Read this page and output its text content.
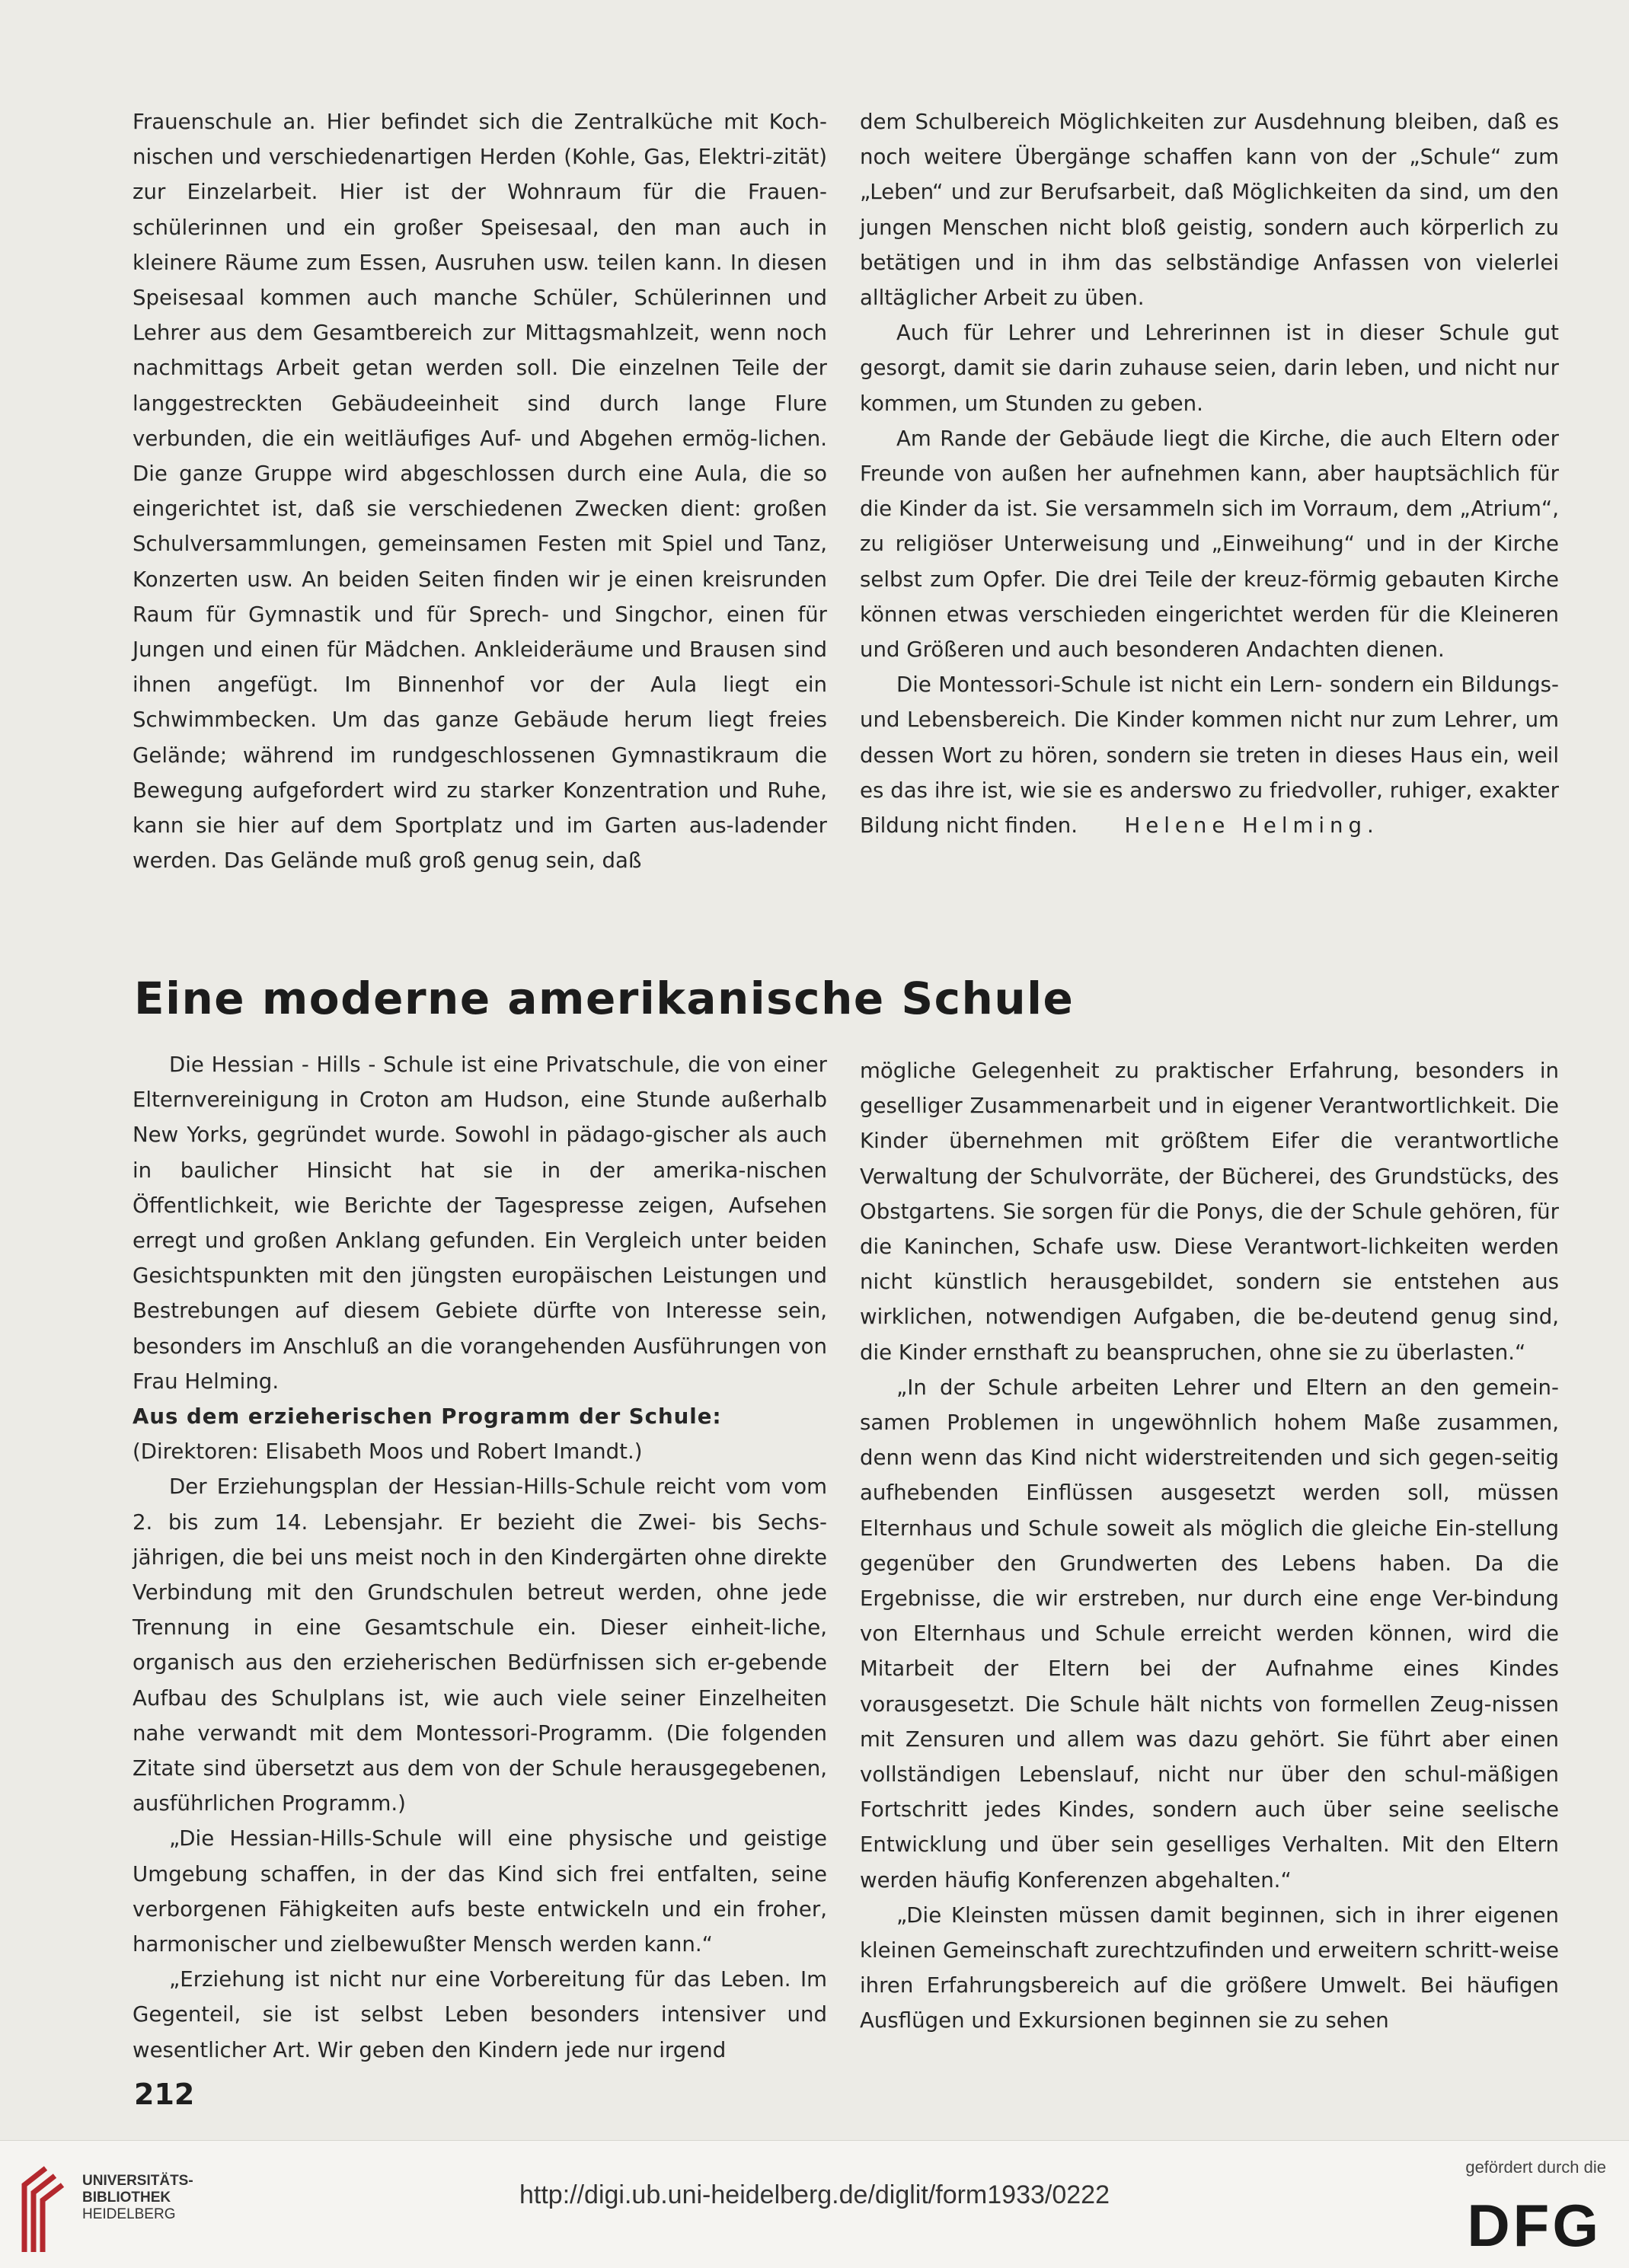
Frauenschule an. Hier befindet sich die Zentralküche mit Koch-nischen und verschiedenartigen Herden (Kohle, Gas, Elektri-zität) zur Einzelarbeit. Hier ist der Wohnraum für die Frauen-schülerinnen und ein großer Speisesaal, den man auch in kleinere Räume zum Essen, Ausruhen usw. teilen kann. In diesen Speisesaal kommen auch manche Schüler, Schülerinnen und Lehrer aus dem Gesamtbereich zur Mittagsmahlzeit, wenn noch nachmittags Arbeit getan werden soll. Die einzelnen Teile der langgestreckten Gebäudeeinheit sind durch lange Flure verbunden, die ein weitläufiges Auf- und Abgehen ermög-lichen. Die ganze Gruppe wird abgeschlossen durch eine Aula, die so eingerichtet ist, daß sie verschiedenen Zwecken dient: großen Schulversammlungen, gemeinsamen Festen mit Spiel und Tanz, Konzerten usw. An beiden Seiten finden wir je einen kreisrunden Raum für Gymnastik und für Sprech- und Singchor, einen für Jungen und einen für Mädchen. Ankleideräume und Brausen sind ihnen angefügt. Im Binnenhof vor der Aula liegt ein Schwimmbecken. Um das ganze Gebäude herum liegt freies Gelände; während im rundgeschlossenen Gymnastikraum die Bewegung aufgefordert wird zu starker Konzentration und Ruhe, kann sie hier auf dem Sportplatz und im Garten aus-ladender werden. Das Gelände muß groß genug sein, daß

dem Schulbereich Möglichkeiten zur Ausdehnung bleiben, daß es noch weitere Übergänge schaffen kann von der „Schule“ zum „Leben“ und zur Berufsarbeit, daß Möglichkeiten da sind, um den jungen Menschen nicht bloß geistig, sondern auch körperlich zu betätigen und in ihm das selbständige Anfassen von vielerlei alltäglicher Arbeit zu üben.

Auch für Lehrer und Lehrerinnen ist in dieser Schule gut gesorgt, damit sie darin zuhause seien, darin leben, und nicht nur kommen, um Stunden zu geben.

Am Rande der Gebäude liegt die Kirche, die auch Eltern oder Freunde von außen her aufnehmen kann, aber hauptsächlich für die Kinder da ist. Sie versammeln sich im Vorraum, dem „Atrium“, zu religiöser Unterweisung und „Einweihung“ und in der Kirche selbst zum Opfer. Die drei Teile der kreuz-förmig gebauten Kirche können etwas verschieden eingerichtet werden für die Kleineren und Größeren und auch besonderen Andachten dienen.

Die Montessori-Schule ist nicht ein Lern- sondern ein Bildungs- und Lebensbereich. Die Kinder kommen nicht nur zum Lehrer, um dessen Wort zu hören, sondern sie treten in dieses Haus ein, weil es das ihre ist, wie sie es anderswo zu friedvoller, ruhiger, exakter Bildung nicht finden. Helene Helming.

Eine moderne amerikanische Schule

Die Hessian - Hills - Schule ist eine Privatschule, die von einer Elternvereinigung in Croton am Hudson, eine Stunde außerhalb New Yorks, gegründet wurde. Sowohl in pädago-gischer als auch in baulicher Hinsicht hat sie in der amerika-nischen Öffentlichkeit, wie Berichte der Tagespresse zeigen, Aufsehen erregt und großen Anklang gefunden. Ein Vergleich unter beiden Gesichtspunkten mit den jüngsten europäischen Leistungen und Bestrebungen auf diesem Gebiete dürfte von Interesse sein, besonders im Anschluß an die vorangehenden Ausführungen von Frau Helming.

Aus dem erzieherischen Programm der Schule:

(Direktoren: Elisabeth Moos und Robert Imandt.)

Der Erziehungsplan der Hessian-Hills-Schule reicht vom vom 2. bis zum 14. Lebensjahr. Er bezieht die Zwei- bis Sechs-jährigen, die bei uns meist noch in den Kindergärten ohne direkte Verbindung mit den Grundschulen betreut werden, ohne jede Trennung in eine Gesamtschule ein. Dieser einheit-liche, organisch aus den erzieherischen Bedürfnissen sich er-gebende Aufbau des Schulplans ist, wie auch viele seiner Einzelheiten nahe verwandt mit dem Montessori-Programm. (Die folgenden Zitate sind übersetzt aus dem von der Schule herausgegebenen, ausführlichen Programm.)

„Die Hessian-Hills-Schule will eine physische und geistige Umgebung schaffen, in der das Kind sich frei entfalten, seine verborgenen Fähigkeiten aufs beste entwickeln und ein froher, harmonischer und zielbewußter Mensch werden kann.“

„Erziehung ist nicht nur eine Vorbereitung für das Leben. Im Gegenteil, sie ist selbst Leben besonders intensiver und wesentlicher Art. Wir geben den Kindern jede nur irgend

mögliche Gelegenheit zu praktischer Erfahrung, besonders in geselliger Zusammenarbeit und in eigener Verantwortlichkeit. Die Kinder übernehmen mit größtem Eifer die verantwortliche Verwaltung der Schulvorräte, der Bücherei, des Grundstücks, des Obstgartens. Sie sorgen für die Ponys, die der Schule gehören, für die Kaninchen, Schafe usw. Diese Verantwort-lichkeiten werden nicht künstlich herausgebildet, sondern sie entstehen aus wirklichen, notwendigen Aufgaben, die be-deutend genug sind, die Kinder ernsthaft zu beanspruchen, ohne sie zu überlasten.“

„In der Schule arbeiten Lehrer und Eltern an den gemein-samen Problemen in ungewöhnlich hohem Maße zusammen, denn wenn das Kind nicht widerstreitenden und sich gegen-seitig aufhebenden Einflüssen ausgesetzt werden soll, müssen Elternhaus und Schule soweit als möglich die gleiche Ein-stellung gegenüber den Grundwerten des Lebens haben. Da die Ergebnisse, die wir erstreben, nur durch eine enge Ver-bindung von Elternhaus und Schule erreicht werden können, wird die Mitarbeit der Eltern bei der Aufnahme eines Kindes vorausgesetzt. Die Schule hält nichts von formellen Zeug-nissen mit Zensuren und allem was dazu gehört. Sie führt aber einen vollständigen Lebenslauf, nicht nur über den schul-mäßigen Fortschritt jedes Kindes, sondern auch über seine seelische Entwicklung und über sein geselliges Verhalten. Mit den Eltern werden häufig Konferenzen abgehalten.“

„Die Kleinsten müssen damit beginnen, sich in ihrer eigenen kleinen Gemeinschaft zurechtzufinden und erweitern schritt-weise ihren Erfahrungsbereich auf die größere Umwelt. Bei häufigen Ausflügen und Exkursionen beginnen sie zu sehen

212
UNIVERSITÄTS-
BIBLIOTHEK
HEIDELBERG
http://digi.ub.uni-heidelberg.de/diglit/form1933/0222
gefördert durch die
DFG
